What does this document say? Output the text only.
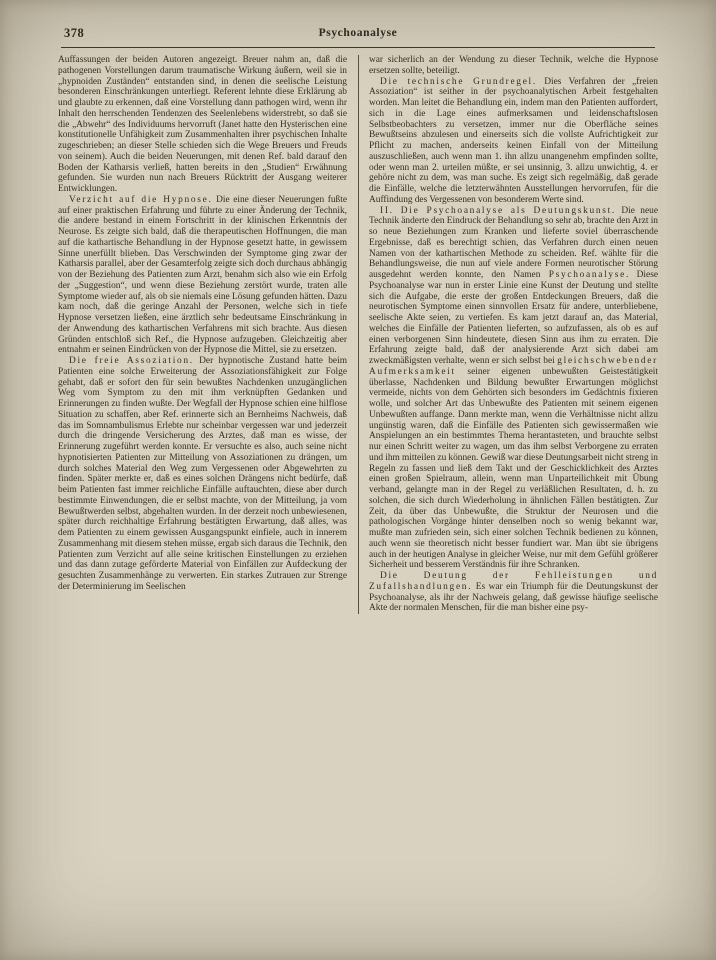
378	Psychoanalyse

Auffassungen der beiden Autoren angezeigt. Breuer nahm an, daß die pathogenen Vorstellungen darum traumatische Wirkung äußern, weil sie in „hypnoiden Zuständen“ entstanden sind, in denen die seelische Leistung besonderen Einschränkungen unterliegt. Referent lehnte diese Erklärung ab und glaubte zu erkennen, daß eine Vorstellung dann pathogen wird, wenn ihr Inhalt den herrschenden Tendenzen des Seelenlebens widerstrebt, so daß sie die „Abwehr“ des Individuums hervorruft (Janet hatte den Hysterischen eine konstitutionelle Unfähigkeit zum Zusammenhalten ihrer psychischen Inhalte zugeschrieben; an dieser Stelle schieden sich die Wege Breuers und Freuds von seinem). Auch die beiden Neuerungen, mit denen Ref. bald darauf den Boden der Katharsis verließ, hatten bereits in den „Studien“ Erwähnung gefunden. Sie wurden nun nach Breuers Rücktritt der Ausgang weiterer Entwicklungen.

Verzicht auf die Hypnose. Die eine dieser Neuerungen fußte auf einer praktischen Erfahrung und führte zu einer Änderung der Technik, die andere bestand in einem Fortschritt in der klinischen Erkenntnis der Neurose. Es zeigte sich bald, daß die therapeutischen Hoffnungen, die man auf die kathartische Behandlung in der Hypnose gesetzt hatte, in gewissem Sinne unerfüllt blieben. Das Verschwinden der Symptome ging zwar der Katharsis parallel, aber der Gesamterfolg zeigte sich doch durchaus abhängig von der Beziehung des Patienten zum Arzt, benahm sich also wie ein Erfolg der „Suggestion“, und wenn diese Beziehung zerstört wurde, traten alle Symptome wieder auf, als ob sie niemals eine Lösung gefunden hätten. Dazu kam noch, daß die geringe Anzahl der Personen, welche sich in tiefe Hypnose versetzen ließen, eine ärztlich sehr bedeutsame Einschränkung in der Anwendung des kathartischen Verfahrens mit sich brachte. Aus diesen Gründen entschloß sich Ref., die Hypnose aufzugeben. Gleichzeitig aber entnahm er seinen Eindrücken von der Hypnose die Mittel, sie zu ersetzen.

Die freie Assoziation. Der hypnotische Zustand hatte beim Patienten eine solche Erweiterung der Assoziationsfähigkeit zur Folge gehabt, daß er sofort den für sein bewußtes Nachdenken unzugänglichen Weg vom Symptom zu den mit ihm verknüpften Gedanken und Erinnerungen zu finden wußte. Der Wegfall der Hypnose schien eine hilflose Situation zu schaffen, aber Ref. erinnerte sich an Bernheims Nachweis, daß das im Somnambulismus Erlebte nur scheinbar vergessen war und jederzeit durch die dringende Versicherung des Arztes, daß man es wisse, der Erinnerung zugeführt werden konnte. Er versuchte es also, auch seine nicht hypnotisierten Patienten zur Mitteilung von Assoziationen zu drängen, um durch solches Material den Weg zum Vergessenen oder Abgewehrten zu finden. Später merkte er, daß es eines solchen Drängens nicht bedürfe, daß beim Patienten fast immer reichliche Einfälle auftauchten, diese aber durch bestimmte Einwendungen, die er selbst machte, von der Mitteilung, ja vom Bewußtwerden selbst, abgehalten wurden. In der derzeit noch unbewiesenen, später durch reichhaltige Erfahrung bestätigten Erwartung, daß alles, was dem Patienten zu einem gewissen Ausgangspunkt einfiele, auch in innerem Zusammenhang mit diesem stehen müsse, ergab sich daraus die Technik, den Patienten zum Verzicht auf alle seine kritischen Einstellungen zu erziehen und das dann zutage geförderte Material von Einfällen zur Aufdeckung der gesuchten Zusammenhänge zu verwerten. Ein starkes Zutrauen zur Strenge der Determinierung im Seelischen

war sicherlich an der Wendung zu dieser Technik, welche die Hypnose ersetzen sollte, beteiligt.

Die technische Grundregel. Dies Verfahren der „freien Assoziation“ ist seither in der psychoanalytischen Arbeit festgehalten worden. Man leitet die Behandlung ein, indem man den Patienten auffordert, sich in die Lage eines aufmerksamen und leidenschaftslosen Selbstbeobachters zu versetzen, immer nur die Oberfläche seines Bewußtseins abzulesen und einerseits sich die vollste Aufrichtigkeit zur Pflicht zu machen, anderseits keinen Einfall von der Mitteilung auszuschließen, auch wenn man 1. ihn allzu unangenehm empfinden sollte, oder wenn man 2. urteilen müßte, er sei unsinnig, 3. allzu unwichtig, 4. er gehöre nicht zu dem, was man suche. Es zeigt sich regelmäßig, daß gerade die Einfälle, welche die letzterwähnten Ausstellungen hervorrufen, für die Auffindung des Vergessenen von besonderem Werte sind.

II. Die Psychoanalyse als Deutungskunst. Die neue Technik änderte den Eindruck der Behandlung so sehr ab, brachte den Arzt in so neue Beziehungen zum Kranken und lieferte soviel überraschende Ergebnisse, daß es berechtigt schien, das Verfahren durch einen neuen Namen von der kathartischen Methode zu scheiden. Ref. wählte für die Behandlungsweise, die nun auf viele andere Formen neurotischer Störung ausgedehnt werden konnte, den Namen Psychoanalyse. Diese Psychoanalyse war nun in erster Linie eine Kunst der Deutung und stellte sich die Aufgabe, die erste der großen Entdeckungen Breuers, daß die neurotischen Symptome einen sinnvollen Ersatz für andere, unterbliebene, seelische Akte seien, zu vertiefen. Es kam jetzt darauf an, das Material, welches die Einfälle der Patienten lieferten, so aufzufassen, als ob es auf einen verborgenen Sinn hindeutete, diesen Sinn aus ihm zu erraten. Die Erfahrung zeigte bald, daß der analysierende Arzt sich dabei am zweckmäßigsten verhalte, wenn er sich selbst bei gleichschwebender Aufmerksamkeit seiner eigenen unbewußten Geistestätigkeit überlasse, Nachdenken und Bildung bewußter Erwartungen möglichst vermeide, nichts von dem Gehörten sich besonders im Gedächtnis fixieren wolle, und solcher Art das Unbewußte des Patienten mit seinem eigenen Unbewußten auffange. Dann merkte man, wenn die Verhältnisse nicht allzu ungünstig waren, daß die Einfälle des Patienten sich gewissermaßen wie Anspielungen an ein bestimmtes Thema herantasteten, und brauchte selbst nur einen Schritt weiter zu wagen, um das ihm selbst Verborgene zu erraten und ihm mitteilen zu können. Gewiß war diese Deutungsarbeit nicht streng in Regeln zu fassen und ließ dem Takt und der Geschicklichkeit des Arztes einen großen Spielraum, allein, wenn man Unparteilichkeit mit Übung verband, gelangte man in der Regel zu verläßlichen Resultaten, d. h. zu solchen, die sich durch Wiederholung in ähnlichen Fällen bestätigten. Zur Zeit, da über das Unbewußte, die Struktur der Neurosen und die pathologischen Vorgänge hinter denselben noch so wenig bekannt war, mußte man zufrieden sein, sich einer solchen Technik bedienen zu können, auch wenn sie theoretisch nicht besser fundiert war. Man übt sie übrigens auch in der heutigen Analyse in gleicher Weise, nur mit dem Gefühl größerer Sicherheit und besserem Verständnis für ihre Schranken.

Die Deutung der Fehlleistungen und Zufallshandlungen. Es war ein Triumph für die Deutungskunst der Psychoanalyse, als ihr der Nachweis gelang, daß gewisse häufige seelische Akte der normalen Menschen, für die man bisher eine psy-
